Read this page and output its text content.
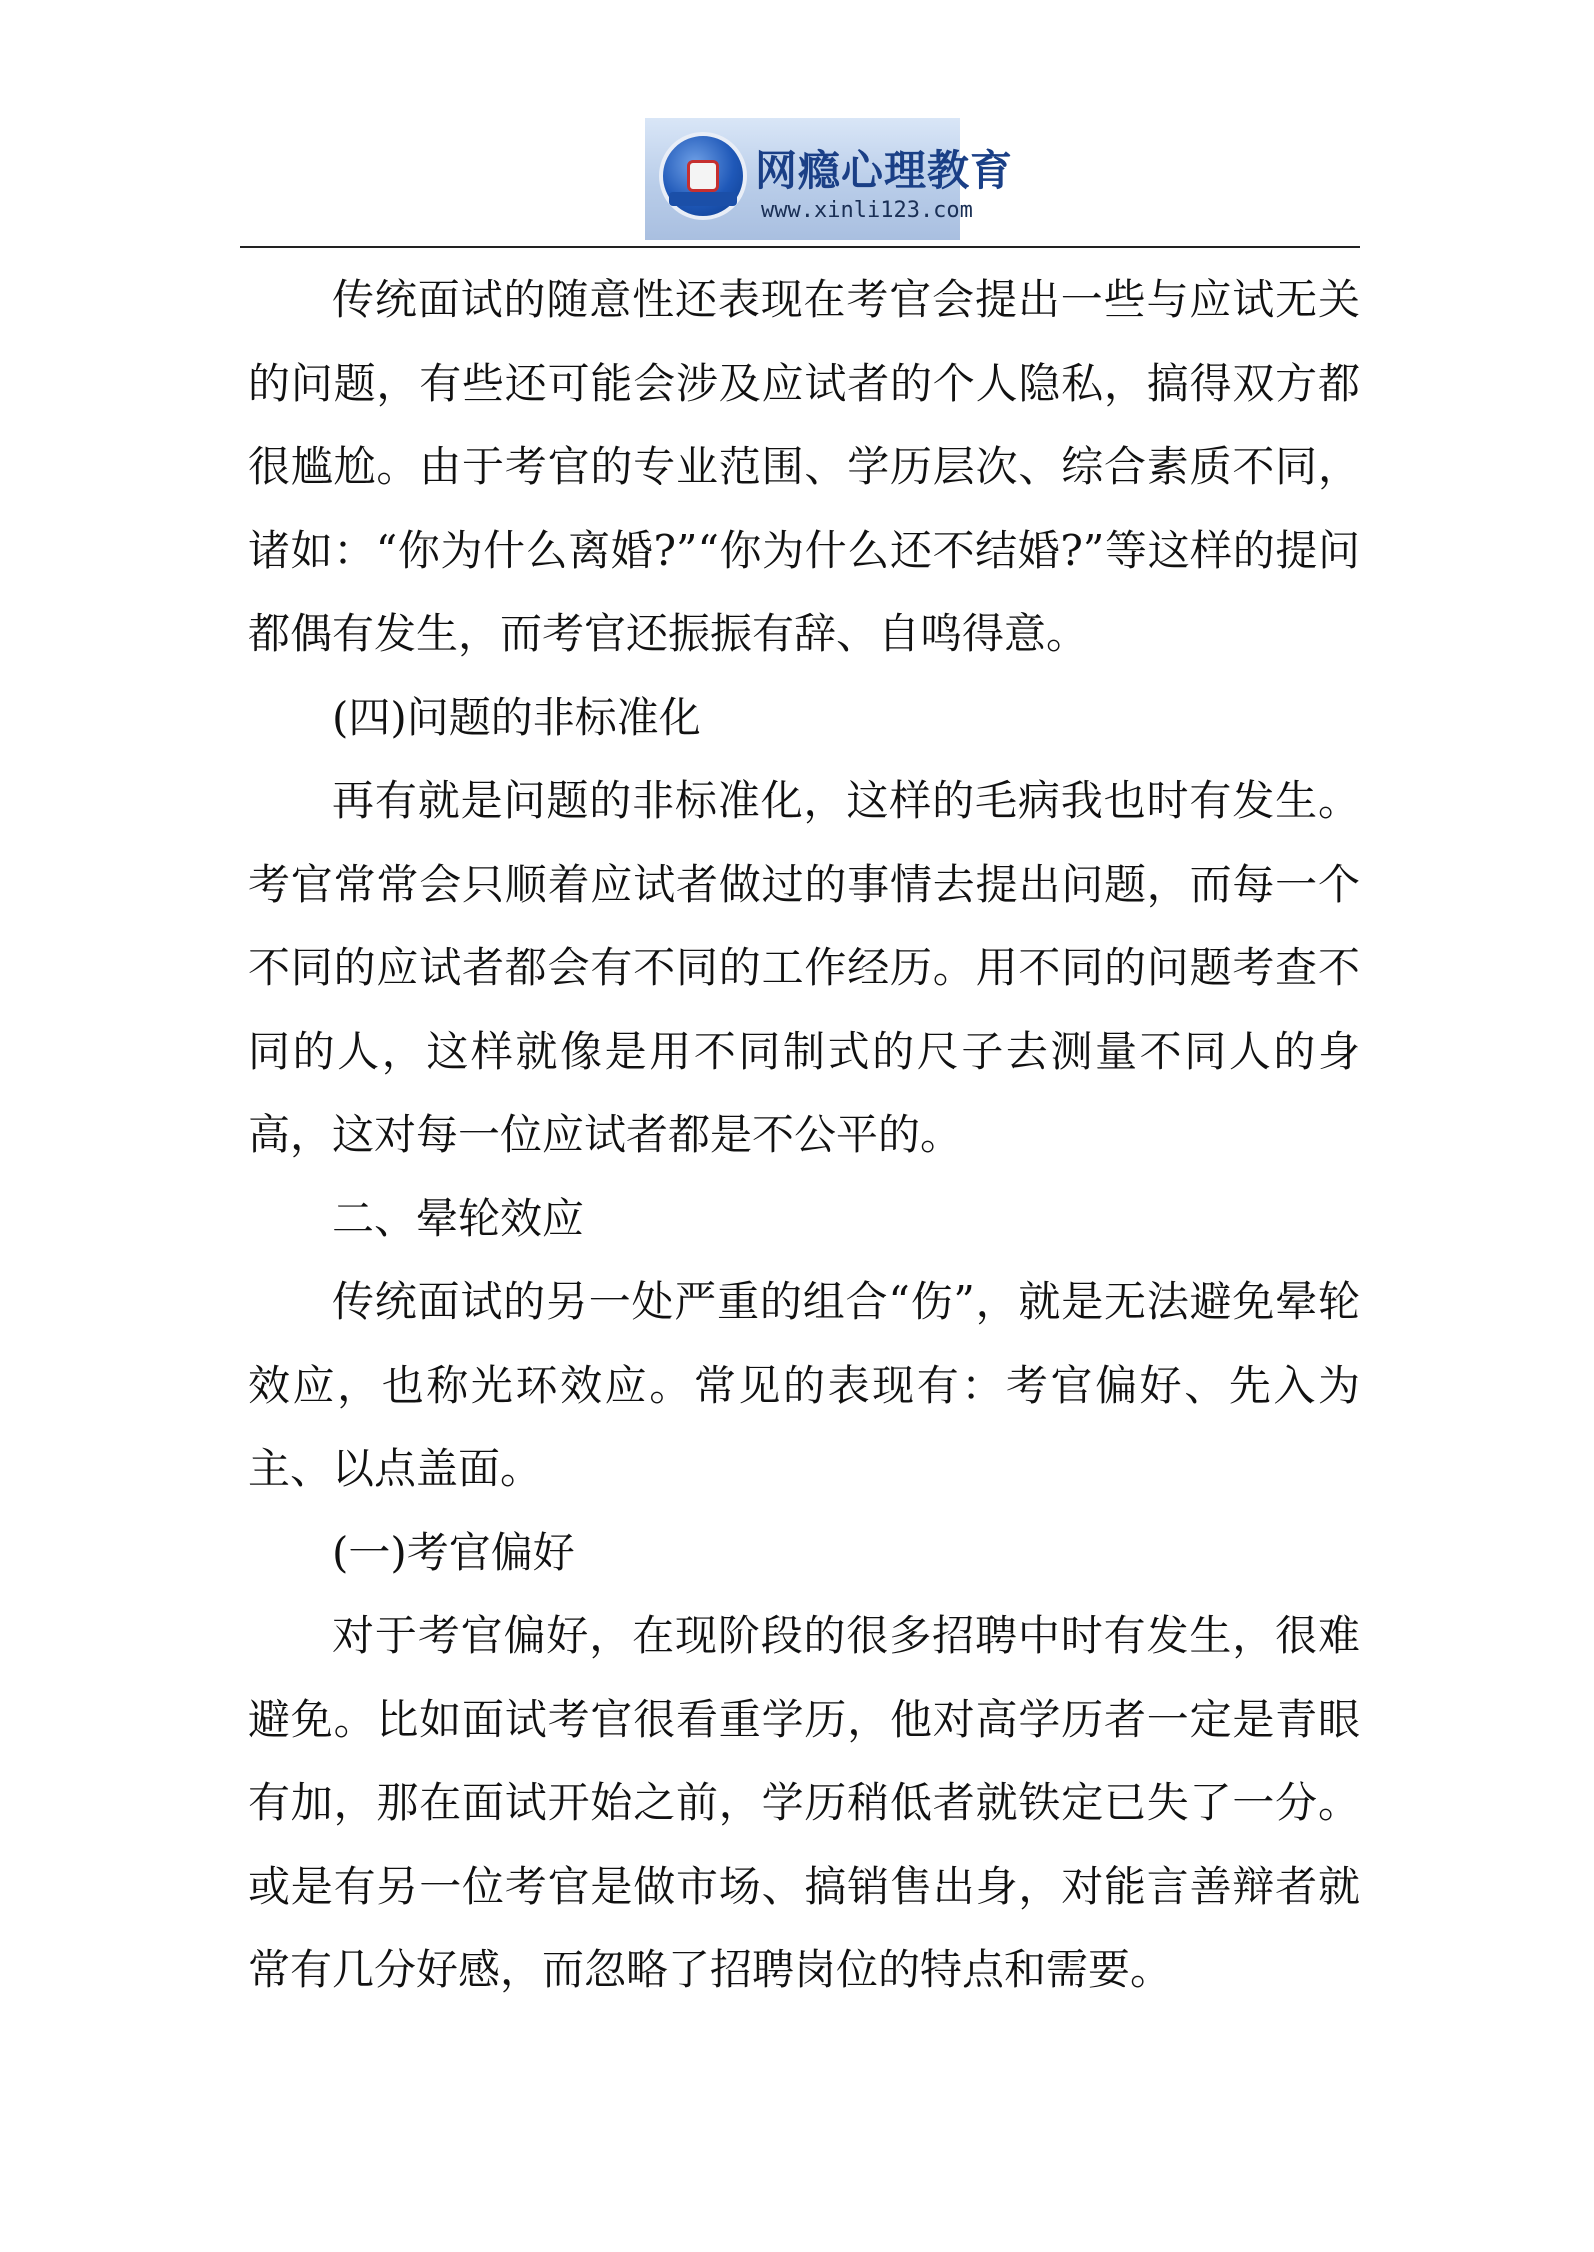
网瘾心理教育
www.xinli123.com

传统面试的随意性还表现在考官会提出一些与应试无关的问题，有些还可能会涉及应试者的个人隐私，搞得双方都很尴尬。由于考官的专业范围、学历层次、综合素质不同，诸如：“你为什么离婚?”“你为什么还不结婚?”等这样的提问都偶有发生，而考官还振振有辞、自鸣得意。

(四)问题的非标准化

再有就是问题的非标准化，这样的毛病我也时有发生。考官常常会只顺着应试者做过的事情去提出问题，而每一个不同的应试者都会有不同的工作经历。用不同的问题考查不同的人，这样就像是用不同制式的尺子去测量不同人的身高，这对每一位应试者都是不公平的。

二、晕轮效应

传统面试的另一处严重的组合“伤”，就是无法避免晕轮效应，也称光环效应。常见的表现有：考官偏好、先入为主、以点盖面。

(一)考官偏好

对于考官偏好，在现阶段的很多招聘中时有发生，很难避免。比如面试考官很看重学历，他对高学历者一定是青眼有加，那在面试开始之前，学历稍低者就铁定已失了一分。或是有另一位考官是做市场、搞销售出身，对能言善辩者就常有几分好感，而忽略了招聘岗位的特点和需要。
